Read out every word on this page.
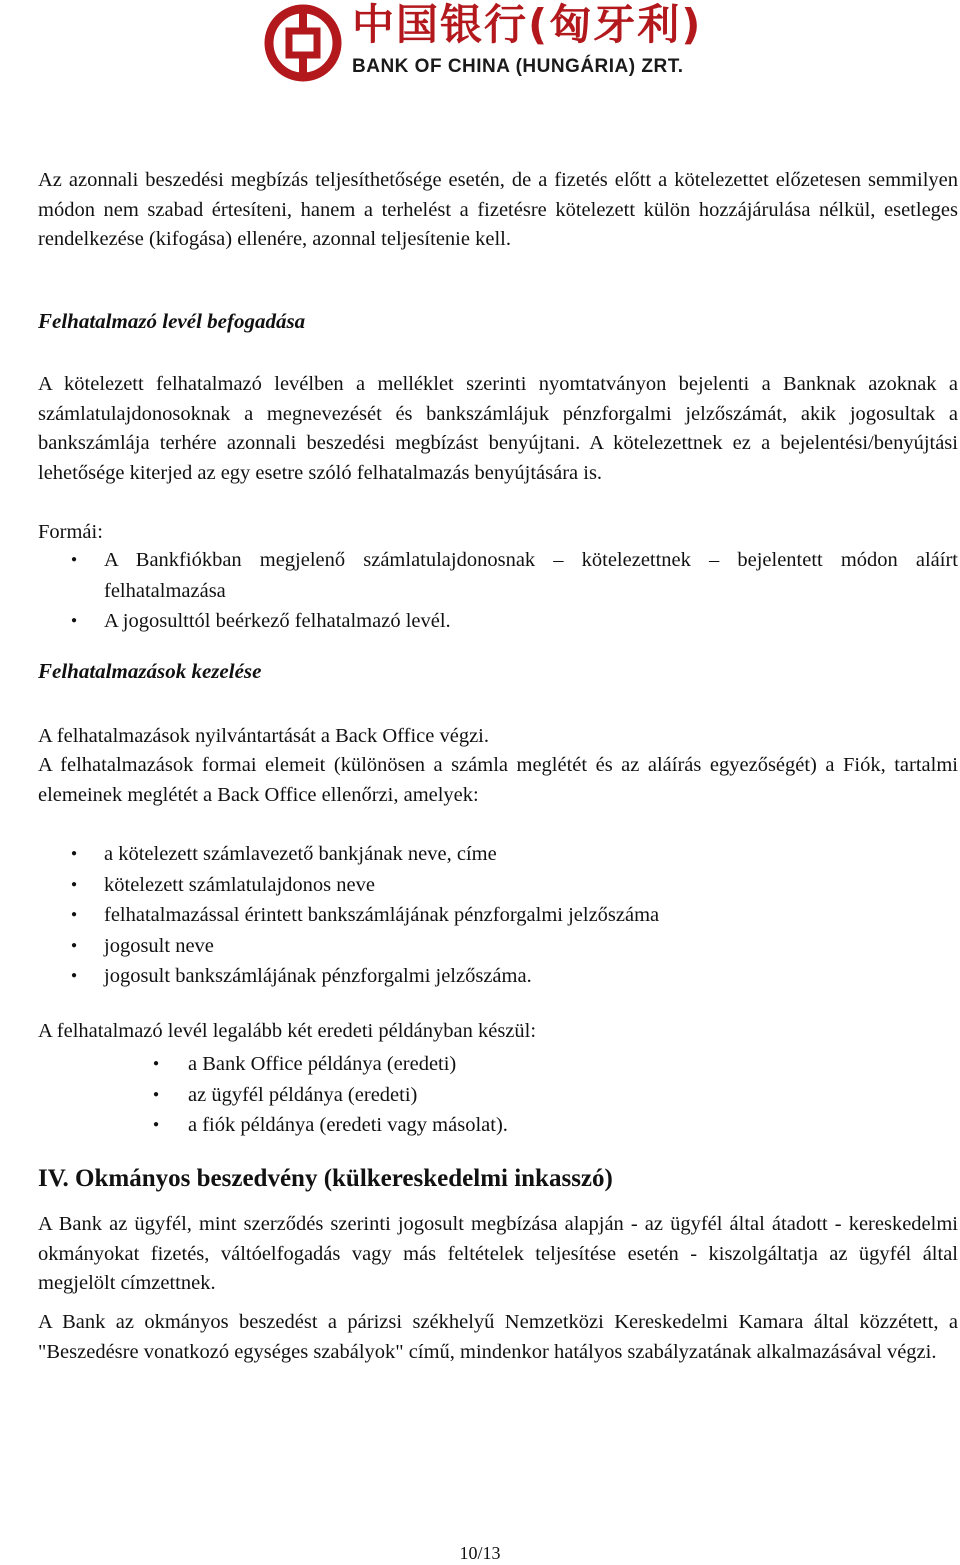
中国银行(匈牙利)
BANK OF CHINA (HUNGÁRIA) ZRT.

Az azonnali beszedési megbízás teljesíthetősége esetén, de a fizetés előtt a kötelezettet előzetesen semmilyen módon nem szabad értesíteni, hanem a terhelést a fizetésre kötelezett külön hozzájárulása nélkül, esetleges rendelkezése (kifogása) ellenére, azonnal teljesítenie kell.

Felhatalmazó levél befogadása

A kötelezett felhatalmazó levélben a melléklet szerinti nyomtatványon bejelenti a Banknak azoknak a számlatulajdonosoknak a megnevezését és bankszámlájuk pénzforgalmi jelzőszámát, akik jogosultak a bankszámlája terhére azonnali beszedési megbízást benyújtani. A kötelezettnek ez a bejelentési/benyújtási lehetősége kiterjed az egy esetre szóló felhatalmazás benyújtására is.

Formái:

● A Bankfiókban megjelenő számlatulajdonosnak – kötelezettnek – bejelentett módon aláírt felhatalmazása
● A jogosulttól beérkező felhatalmazó levél.
Felhatalmazások kezelése

A felhatalmazások nyilvántartását a Back Office végzi.

A felhatalmazások formai elemeit (különösen a számla meglétét és az aláírás egyezőségét) a Fiók, tartalmi elemeinek meglétét a Back Office ellenőrzi, amelyek:

● a kötelezett számlavezető bankjának neve, címe
● kötelezett számlatulajdonos neve
● felhatalmazással érintett bankszámlájának pénzforgalmi jelzőszáma
● jogosult neve
● jogosult bankszámlájának pénzforgalmi jelzőszáma.

A felhatalmazó levél legalább két eredeti példányban készül:

● a Bank Office példánya (eredeti)
● az ügyfél példánya (eredeti)
● a fiók példánya (eredeti vagy másolat).
IV. Okmányos beszedvény (külkereskedelmi inkasszó)

A Bank az ügyfél, mint szerződés szerinti jogosult megbízása alapján - az ügyfél által átadott - kereskedelmi okmányokat fizetés, váltóelfogadás vagy más feltételek teljesítése esetén - kiszolgáltatja az ügyfél által megjelölt címzettnek.

A Bank az okmányos beszedést a párizsi székhelyű Nemzetközi Kereskedelmi Kamara által közzétett, a "Beszedésre vonatkozó egységes szabályok" című, mindenkor hatályos szabályzatának alkalmazásával végzi.

10/13
